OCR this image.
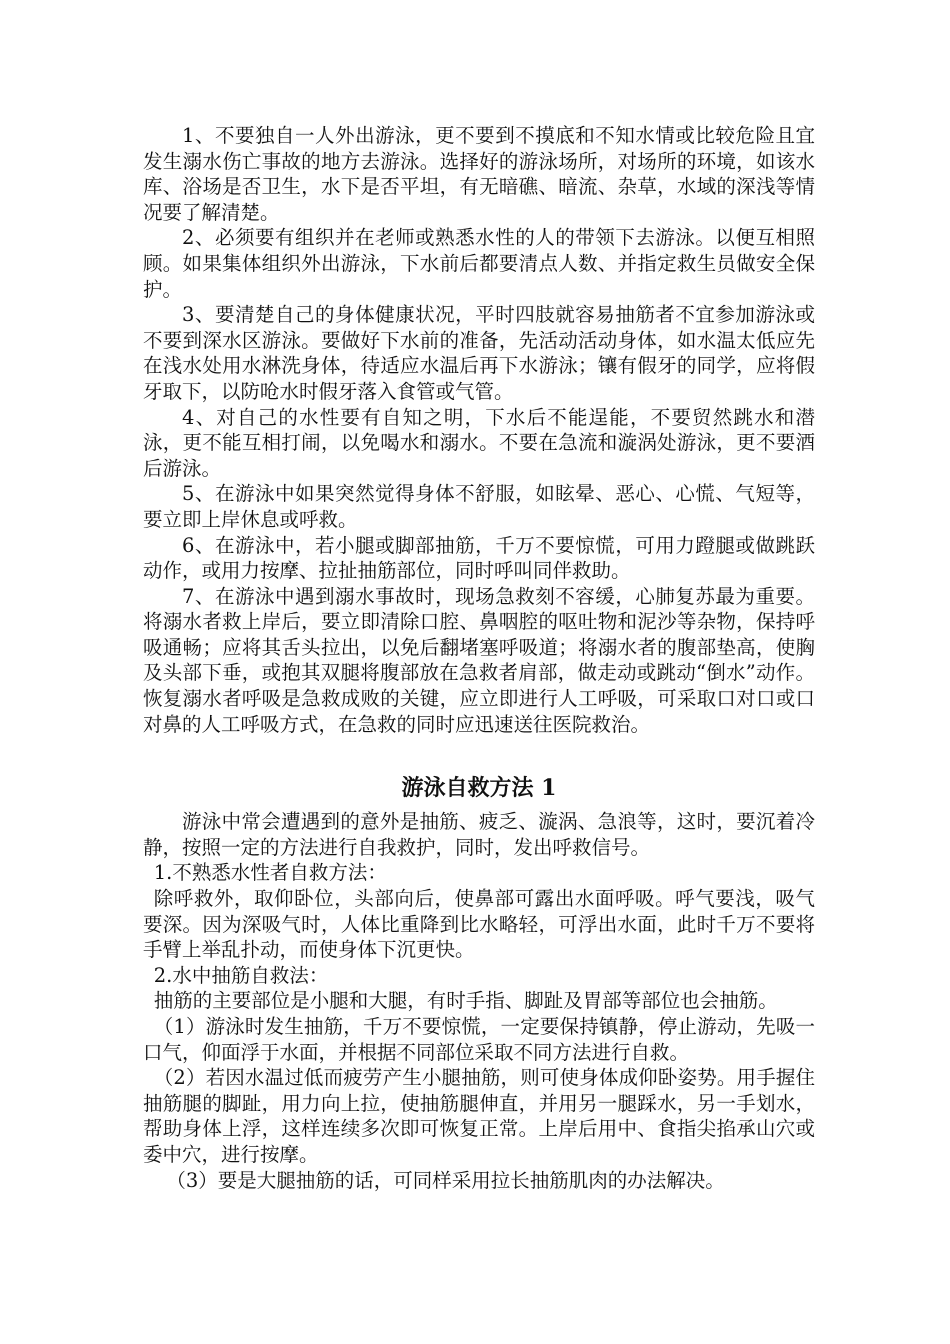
1、不要独自一人外出游泳，更不要到不摸底和不知水情或比较危险且宜发生溺水伤亡事故的地方去游泳。选择好的游泳场所，对场所的环境，如该水库、浴场是否卫生，水下是否平坦，有无暗礁、暗流、杂草，水域的深浅等情况要了解清楚。

2、必须要有组织并在老师或熟悉水性的人的带领下去游泳。以便互相照顾。如果集体组织外出游泳，下水前后都要清点人数、并指定救生员做安全保护。

3、要清楚自己的身体健康状况，平时四肢就容易抽筋者不宜参加游泳或不要到深水区游泳。要做好下水前的准备，先活动活动身体，如水温太低应先在浅水处用水淋洗身体，待适应水温后再下水游泳；镶有假牙的同学，应将假牙取下，以防呛水时假牙落入食管或气管。

4、对自己的水性要有自知之明，下水后不能逞能，不要贸然跳水和潜泳，更不能互相打闹，以免喝水和溺水。不要在急流和漩涡处游泳，更不要酒后游泳。

5、在游泳中如果突然觉得身体不舒服，如眩晕、恶心、心慌、气短等，要立即上岸休息或呼救。

6、在游泳中，若小腿或脚部抽筋，千万不要惊慌，可用力蹬腿或做跳跃动作，或用力按摩、拉扯抽筋部位，同时呼叫同伴救助。

7、在游泳中遇到溺水事故时，现场急救刻不容缓，心肺复苏最为重要。将溺水者救上岸后，要立即清除口腔、鼻咽腔的呕吐物和泥沙等杂物，保持呼吸通畅；应将其舌头拉出，以免后翻堵塞呼吸道；将溺水者的腹部垫高，使胸及头部下垂，或抱其双腿将腹部放在急救者肩部，做走动或跳动“倒水”动作。恢复溺水者呼吸是急救成败的关键，应立即进行人工呼吸，可采取口对口或口对鼻的人工呼吸方式，在急救的同时应迅速送往医院救治。

游泳自救方法 1

游泳中常会遭遇到的意外是抽筋、疲乏、漩涡、急浪等，这时，要沉着冷静，按照一定的方法进行自我救护，同时，发出呼救信号。

1.不熟悉水性者自救方法：

除呼救外，取仰卧位，头部向后，使鼻部可露出水面呼吸。呼气要浅，吸气要深。因为深吸气时，人体比重降到比水略轻，可浮出水面，此时千万不要将手臂上举乱扑动，而使身体下沉更快。

2.水中抽筋自救法：

抽筋的主要部位是小腿和大腿，有时手指、脚趾及胃部等部位也会抽筋。

（1）游泳时发生抽筋，千万不要惊慌，一定要保持镇静，停止游动，先吸一口气，仰面浮于水面，并根据不同部位采取不同方法进行自救。

（2）若因水温过低而疲劳产生小腿抽筋，则可使身体成仰卧姿势。用手握住抽筋腿的脚趾，用力向上拉，使抽筋腿伸直，并用另一腿踩水，另一手划水，帮助身体上浮，这样连续多次即可恢复正常。上岸后用中、食指尖掐承山穴或委中穴，进行按摩。

（3）要是大腿抽筋的话，可同样采用拉长抽筋肌肉的办法解决。
